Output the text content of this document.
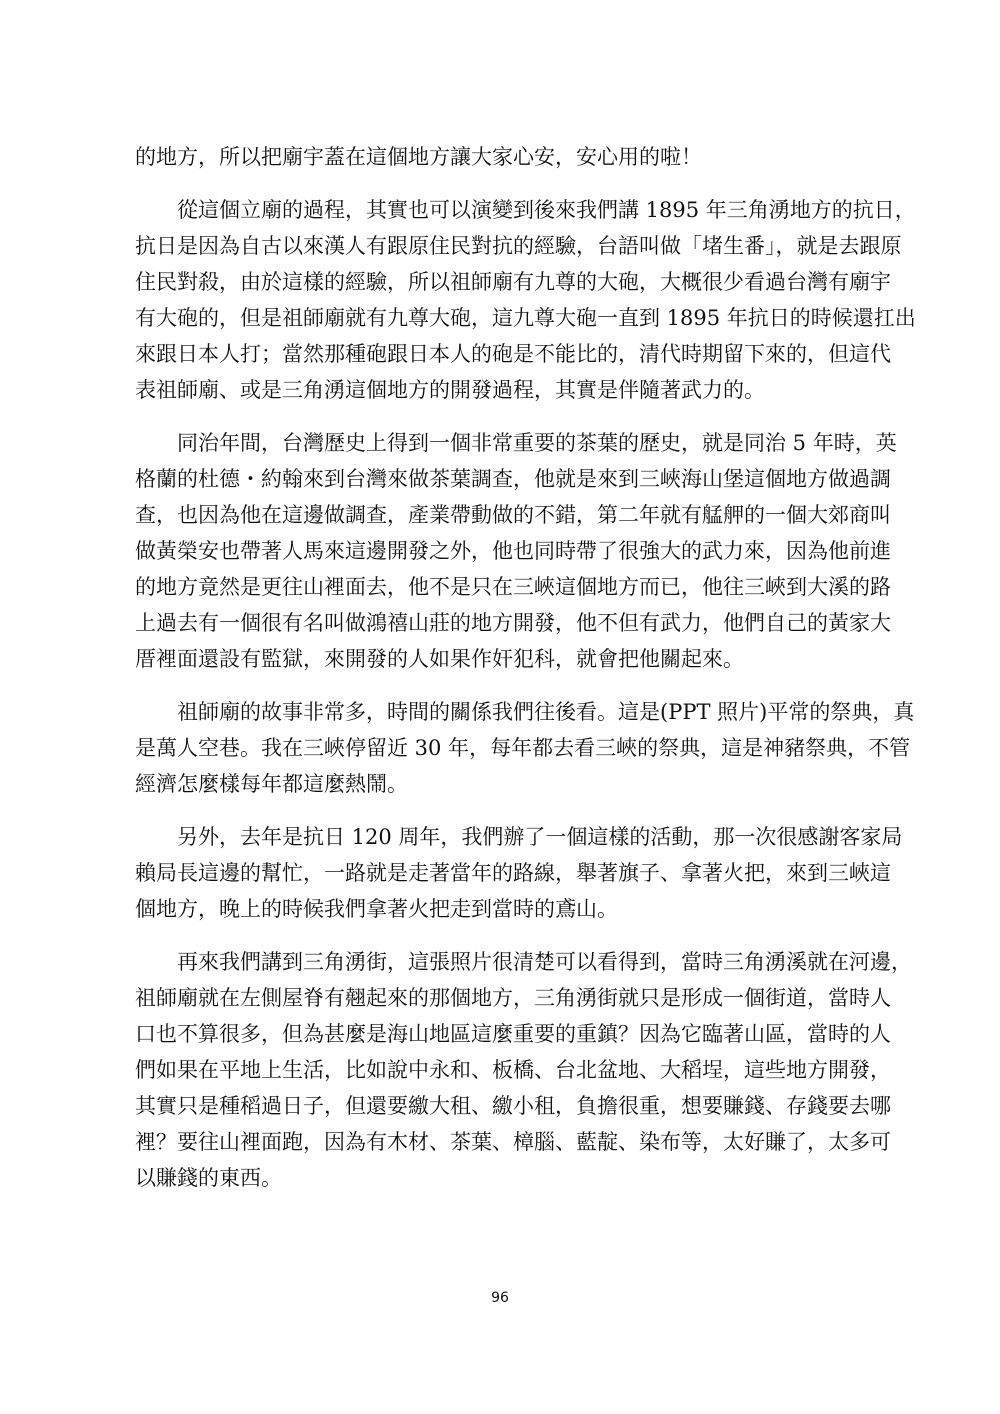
的地方，所以把廟宇蓋在這個地方讓大家心安，安心用的啦！
從這個立廟的過程，其實也可以演變到後來我們講 1895 年三角湧地方的抗日，
抗日是因為自古以來漢人有跟原住民對抗的經驗，台語叫做「堵生番」，就是去跟原
住民對殺，由於這樣的經驗，所以祖師廟有九尊的大砲，大概很少看過台灣有廟宇
有大砲的，但是祖師廟就有九尊大砲，這九尊大砲一直到 1895 年抗日的時候還扛出
來跟日本人打；當然那種砲跟日本人的砲是不能比的，清代時期留下來的，但這代
表祖師廟、或是三角湧這個地方的開發過程，其實是伴隨著武力的。
同治年間，台灣歷史上得到一個非常重要的茶葉的歷史，就是同治 5 年時，英
格蘭的杜德・約翰來到台灣來做茶葉調查，他就是來到三峽海山堡這個地方做過調
查，也因為他在這邊做調查，產業帶動做的不錯，第二年就有艋舺的一個大郊商叫
做黃榮安也帶著人馬來這邊開發之外，他也同時帶了很強大的武力來，因為他前進
的地方竟然是更往山裡面去，他不是只在三峽這個地方而已，他往三峽到大溪的路
上過去有一個很有名叫做鴻禧山莊的地方開發，他不但有武力，他們自己的黃家大
厝裡面還設有監獄，來開發的人如果作奸犯科，就會把他關起來。
祖師廟的故事非常多，時間的關係我們往後看。這是(PPT 照片)平常的祭典，真
是萬人空巷。我在三峽停留近 30 年，每年都去看三峽的祭典，這是神豬祭典，不管
經濟怎麼樣每年都這麼熱鬧。
另外，去年是抗日 120 周年，我們辦了一個這樣的活動，那一次很感謝客家局
賴局長這邊的幫忙，一路就是走著當年的路線，舉著旗子、拿著火把，來到三峽這
個地方，晚上的時候我們拿著火把走到當時的鳶山。
再來我們講到三角湧街，這張照片很清楚可以看得到，當時三角湧溪就在河邊，
祖師廟就在左側屋脊有翹起來的那個地方，三角湧街就只是形成一個街道，當時人
口也不算很多，但為甚麼是海山地區這麼重要的重鎮？因為它臨著山區，當時的人
們如果在平地上生活，比如說中永和、板橋、台北盆地、大稻埕，這些地方開發，
其實只是種稻過日子，但還要繳大租、繳小租，負擔很重，想要賺錢、存錢要去哪
裡？要往山裡面跑，因為有木材、茶葉、樟腦、藍靛、染布等，太好賺了，太多可
以賺錢的東西。
96
